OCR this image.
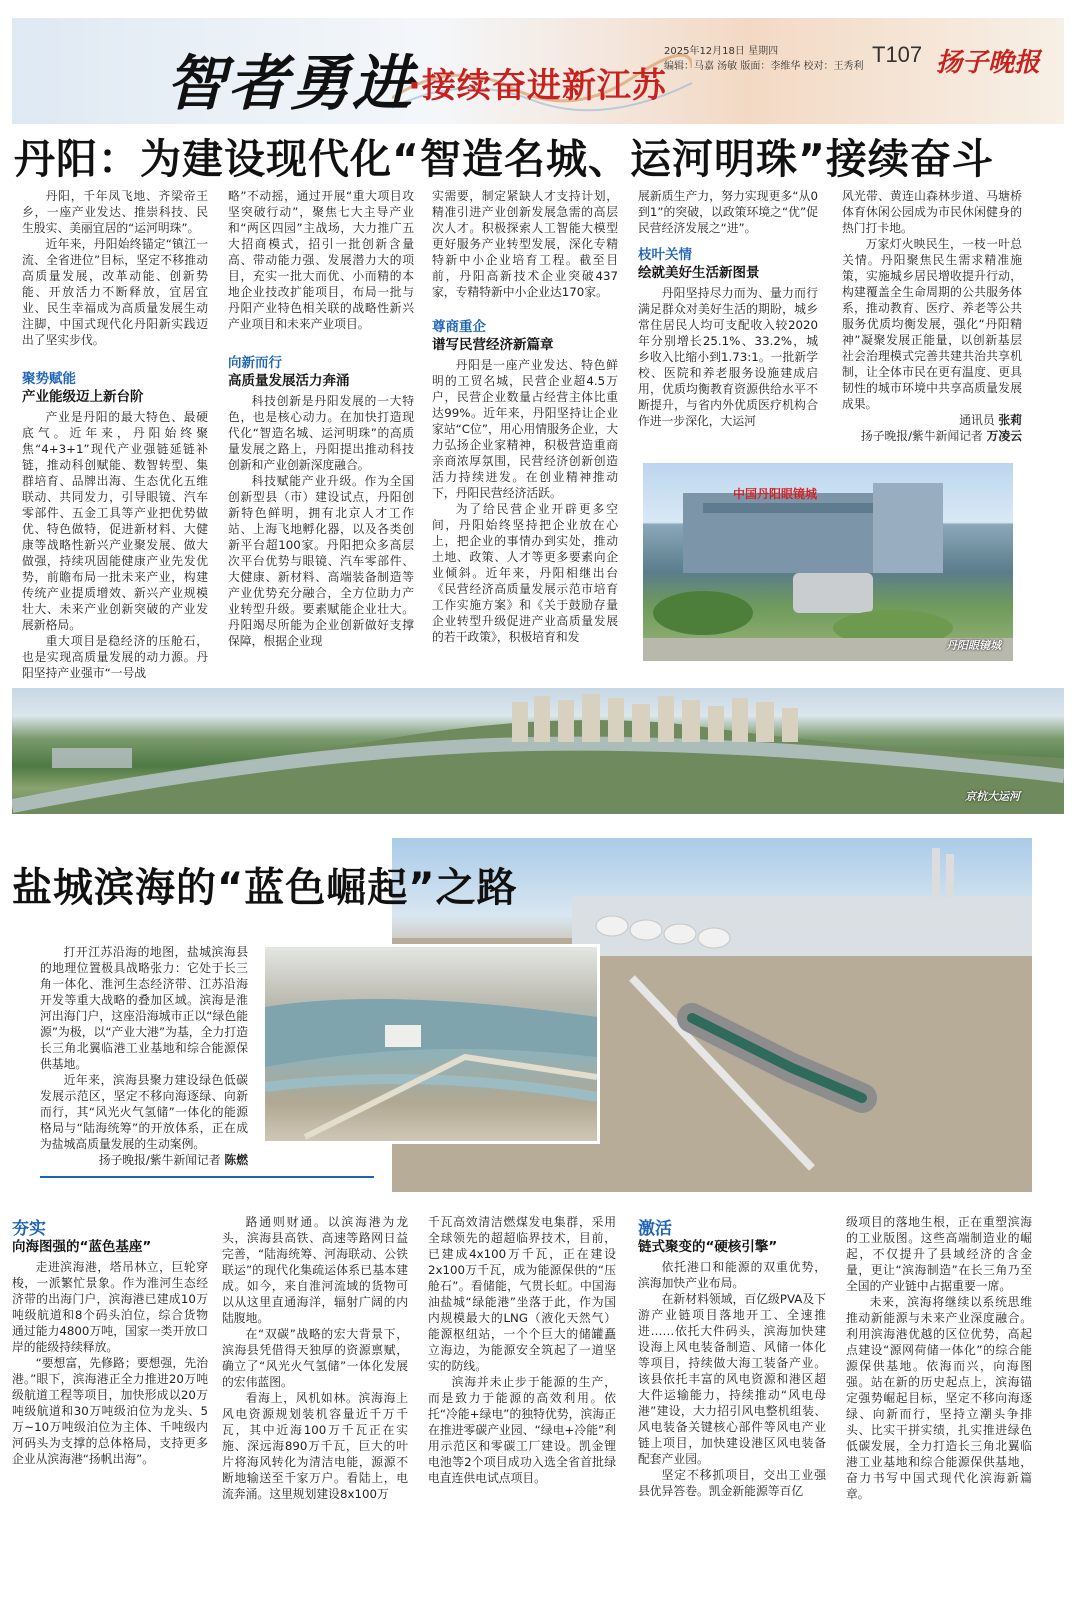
智者勇进
·接续奋进新江苏
2025年12月18日 星期四
编辑：马嘉 汤敏 版面：李维华 校对：王秀利 T107 扬子晚报
丹阳：为建设现代化“智造名城、运河明珠”接续奋斗

丹阳，千年凤飞地、齐梁帝王乡，一座产业发达、推崇科技、民生殷实、美丽宜居的“运河明珠”。

近年来，丹阳始终锚定“镇江一流、全省进位”目标，坚定不移推动高质量发展，改革动能、创新势能、开放活力不断释放，宜居宜业、民生幸福成为高质量发展生动注脚，中国式现代化丹阳新实践迈出了坚实步伐。

聚势赋能
产业能级迈上新台阶

产业是丹阳的最大特色、最硬底气。近年来，丹阳始终聚焦“4+3+1”现代产业强链延链补链，推动科创赋能、数智转型、集群培育、品牌出海、生态优化五维联动、共同发力，引导眼镜、汽车零部件、五金工具等产业把优势做优、特色做特，促进新材料、大健康等战略性新兴产业聚发展、做大做强，持续巩固能健康产业先发优势，前瞻布局一批未来产业，构建传统产业提质增效、新兴产业规模壮大、未来产业创新突破的产业发展新格局。

重大项目是稳经济的压舱石，也是实现高质量发展的动力源。丹阳坚持产业强市“一号战

略”不动摇，通过开展“重大项目攻坚突破行动”，聚焦七大主导产业和“两区四园”主战场，大力推广五大招商模式，招引一批创新含量高、带动能力强、发展潜力大的项目，充实一批大而优、小而精的本地企业技改扩能项目，布局一批与丹阳产业特色相关联的战略性新兴产业项目和未来产业项目。

向新而行
高质量发展活力奔涌

科技创新是丹阳发展的一大特色，也是核心动力。在加快打造现代化“智造名城、运河明珠”的高质量发展之路上，丹阳提出推动科技创新和产业创新深度融合。

科技赋能产业升级。作为全国创新型县（市）建设试点，丹阳创新特色鲜明，拥有北京人才工作站、上海飞地孵化器，以及各类创新平台超100家。丹阳把众多高层次平台优势与眼镜、汽车零部件、大健康、新材料、高端装备制造等产业优势充分融合，全方位助力产业转型升级。要素赋能企业壮大。丹阳竭尽所能为企业创新做好支撑保障，根据企业现

实需要，制定紧缺人才支持计划，精准引进产业创新发展急需的高层次人才。积极探索人工智能大模型更好服务产业转型发展，深化专精特新中小企业培育工程。截至目前，丹阳高新技术企业突破437家，专精特新中小企业达170家。

尊商重企
谱写民营经济新篇章

丹阳是一座产业发达、特色鲜明的工贸名城，民营企业超4.5万户，民营企业数量占经营主体比重达99%。近年来，丹阳坚持让企业家站“C位”，用心用情服务企业，大力弘扬企业家精神，积极营造重商亲商浓厚氛围，民营经济创新创造活力持续迸发。在创业精神推动下，丹阳民营经济活跃。

为了给民营企业开辟更多空间，丹阳始终坚持把企业放在心上，把企业的事情办到实处，推动土地、政策、人才等更多要素向企业倾斜。近年来，丹阳相继出台《民营经济高质量发展示范市培育工作实施方案》和《关于鼓励存量企业转型升级促进产业高质量发展的若干政策》，积极培育和发

展新质生产力，努力实现更多“从0到1”的突破，以政策环境之“优”促民营经济发展之“进”。

枝叶关情
绘就美好生活新图景

丹阳坚持尽力而为、量力而行满足群众对美好生活的期盼，城乡常住居民人均可支配收入较2020年分别增长25.1%、33.2%，城乡收入比缩小到1.73:1。一批新学校、医院和养老服务设施建成启用，优质均衡教育资源供给水平不断提升，与省内外优质医疗机构合作进一步深化，大运河

风光带、黄连山森林步道、马塘桥体育休闲公园成为市民休闲健身的热门打卡地。

万家灯火映民生，一枝一叶总关情。丹阳聚焦民生需求精准施策，实施城乡居民增收提升行动，构建覆盖全生命周期的公共服务体系，推动教育、医疗、养老等公共服务优质均衡发展，强化“丹阳精神”凝聚发展正能量，以创新基层社会治理模式完善共建共治共享机制，让全体市民在更有温度、更具韧性的城市环境中共享高质量发展成果。

通讯员 张莉
扬子晚报/紫牛新闻记者 万凌云
中国丹阳眼镜城
丹阳眼镜城
京杭大运河
盐城滨海的“蓝色崛起”之路

打开江苏沿海的地图，盐城滨海县的地理位置极具战略张力：它处于长三角一体化、淮河生态经济带、江苏沿海开发等重大战略的叠加区域。滨海是淮河出海门户，这座沿海城市正以“绿色能源”为极，以“产业大港”为基，全力打造长三角北翼临港工业基地和综合能源保供基地。

近年来，滨海县聚力建设绿色低碳发展示范区，坚定不移向海逐绿、向新而行，其“风光火气氢储”一体化的能源格局与“陆海统筹”的开放体系，正在成为盐城高质量发展的生动案例。

扬子晚报/紫牛新闻记者 陈燃
夯实
向海图强的“蓝色基座”

走进滨海港，塔吊林立，巨轮穿梭，一派繁忙景象。作为淮河生态经济带的出海门户，滨海港已建成10万吨级航道和8个码头泊位，综合货物通过能力4800万吨，国家一类开放口岸的能级持续释放。

“要想富，先修路；要想强，先治港。”眼下，滨海港正全力推进20万吨级航道工程等项目，加快形成以20万吨级航道和30万吨级泊位为龙头、5万~10万吨级泊位为主体、千吨级内河码头为支撑的总体格局，支持更多企业从滨海港“扬帆出海”。

路通则财通。以滨海港为龙头，滨海县高铁、高速等路网日益完善，“陆海统筹、河海联动、公铁联运”的现代化集疏运体系已基本建成。如今，来自淮河流域的货物可以从这里直通海洋，辐射广阔的内陆腹地。

在“双碳”战略的宏大背景下，滨海县凭借得天独厚的资源禀赋，确立了“风光火气氢储”一体化发展的宏伟蓝图。

看海上，风机如林。滨海海上风电资源规划装机容量近千万千瓦，其中近海100万千瓦正在实施、深远海890万千瓦，巨大的叶片将海风转化为清洁电能，源源不断地输送至千家万户。看陆上，电流奔涌。这里规划建设8x100万

千瓦高效清洁燃煤发电集群，采用全球领先的超超临界技术，目前，已建成4x100万千瓦，正在建设2x100万千瓦，成为能源保供的“压舱石”。看储能，气贯长虹。中国海油盐城“绿能港”坐落于此，作为国内规模最大的LNG（液化天然气）能源枢纽站，一个个巨大的储罐矗立海边，为能源安全筑起了一道坚实的防线。

滨海并未止步于能源的生产，而是致力于能源的高效利用。依托“冷能+绿电”的独特优势，滨海正在推进零碳产业园、“绿电+冷能”利用示范区和零碳工厂建设。凯金锂电池等2个项目成功入选全省首批绿电直连供电试点项目。

激活
链式聚变的“硬核引擎”

依托港口和能源的双重优势，滨海加快产业布局。

在新材料领域，百亿级PVA及下游产业链项目落地开工、全速推进……依托大件码头，滨海加快建设海上风电装备制造、风储一体化等项目，持续做大海工装备产业。该县依托丰富的风电资源和港区超大件运输能力，持续推动“风电母港”建设，大力招引风电整机组装、风电装备关键核心部件等风电产业链上项目，加快建设港区风电装备配套产业园。

坚定不移抓项目，交出工业强县优异答卷。凯金新能源等百亿

级项目的落地生根，正在重塑滨海的工业版图。这些高端制造业的崛起，不仅提升了县域经济的含金量，更让“滨海制造”在长三角乃至全国的产业链中占据重要一席。

未来，滨海将继续以系统思维推动新能源与未来产业深度融合。利用滨海港优越的区位优势，高起点建设“源网荷储一体化”的综合能源保供基地。依海而兴，向海图强。站在新的历史起点上，滨海锚定强势崛起目标，坚定不移向海逐绿、向新而行，坚持立潮头争排头、比实干拼实绩，扎实推进绿色低碳发展，全力打造长三角北翼临港工业基地和综合能源保供基地，奋力书写中国式现代化滨海新篇章。
